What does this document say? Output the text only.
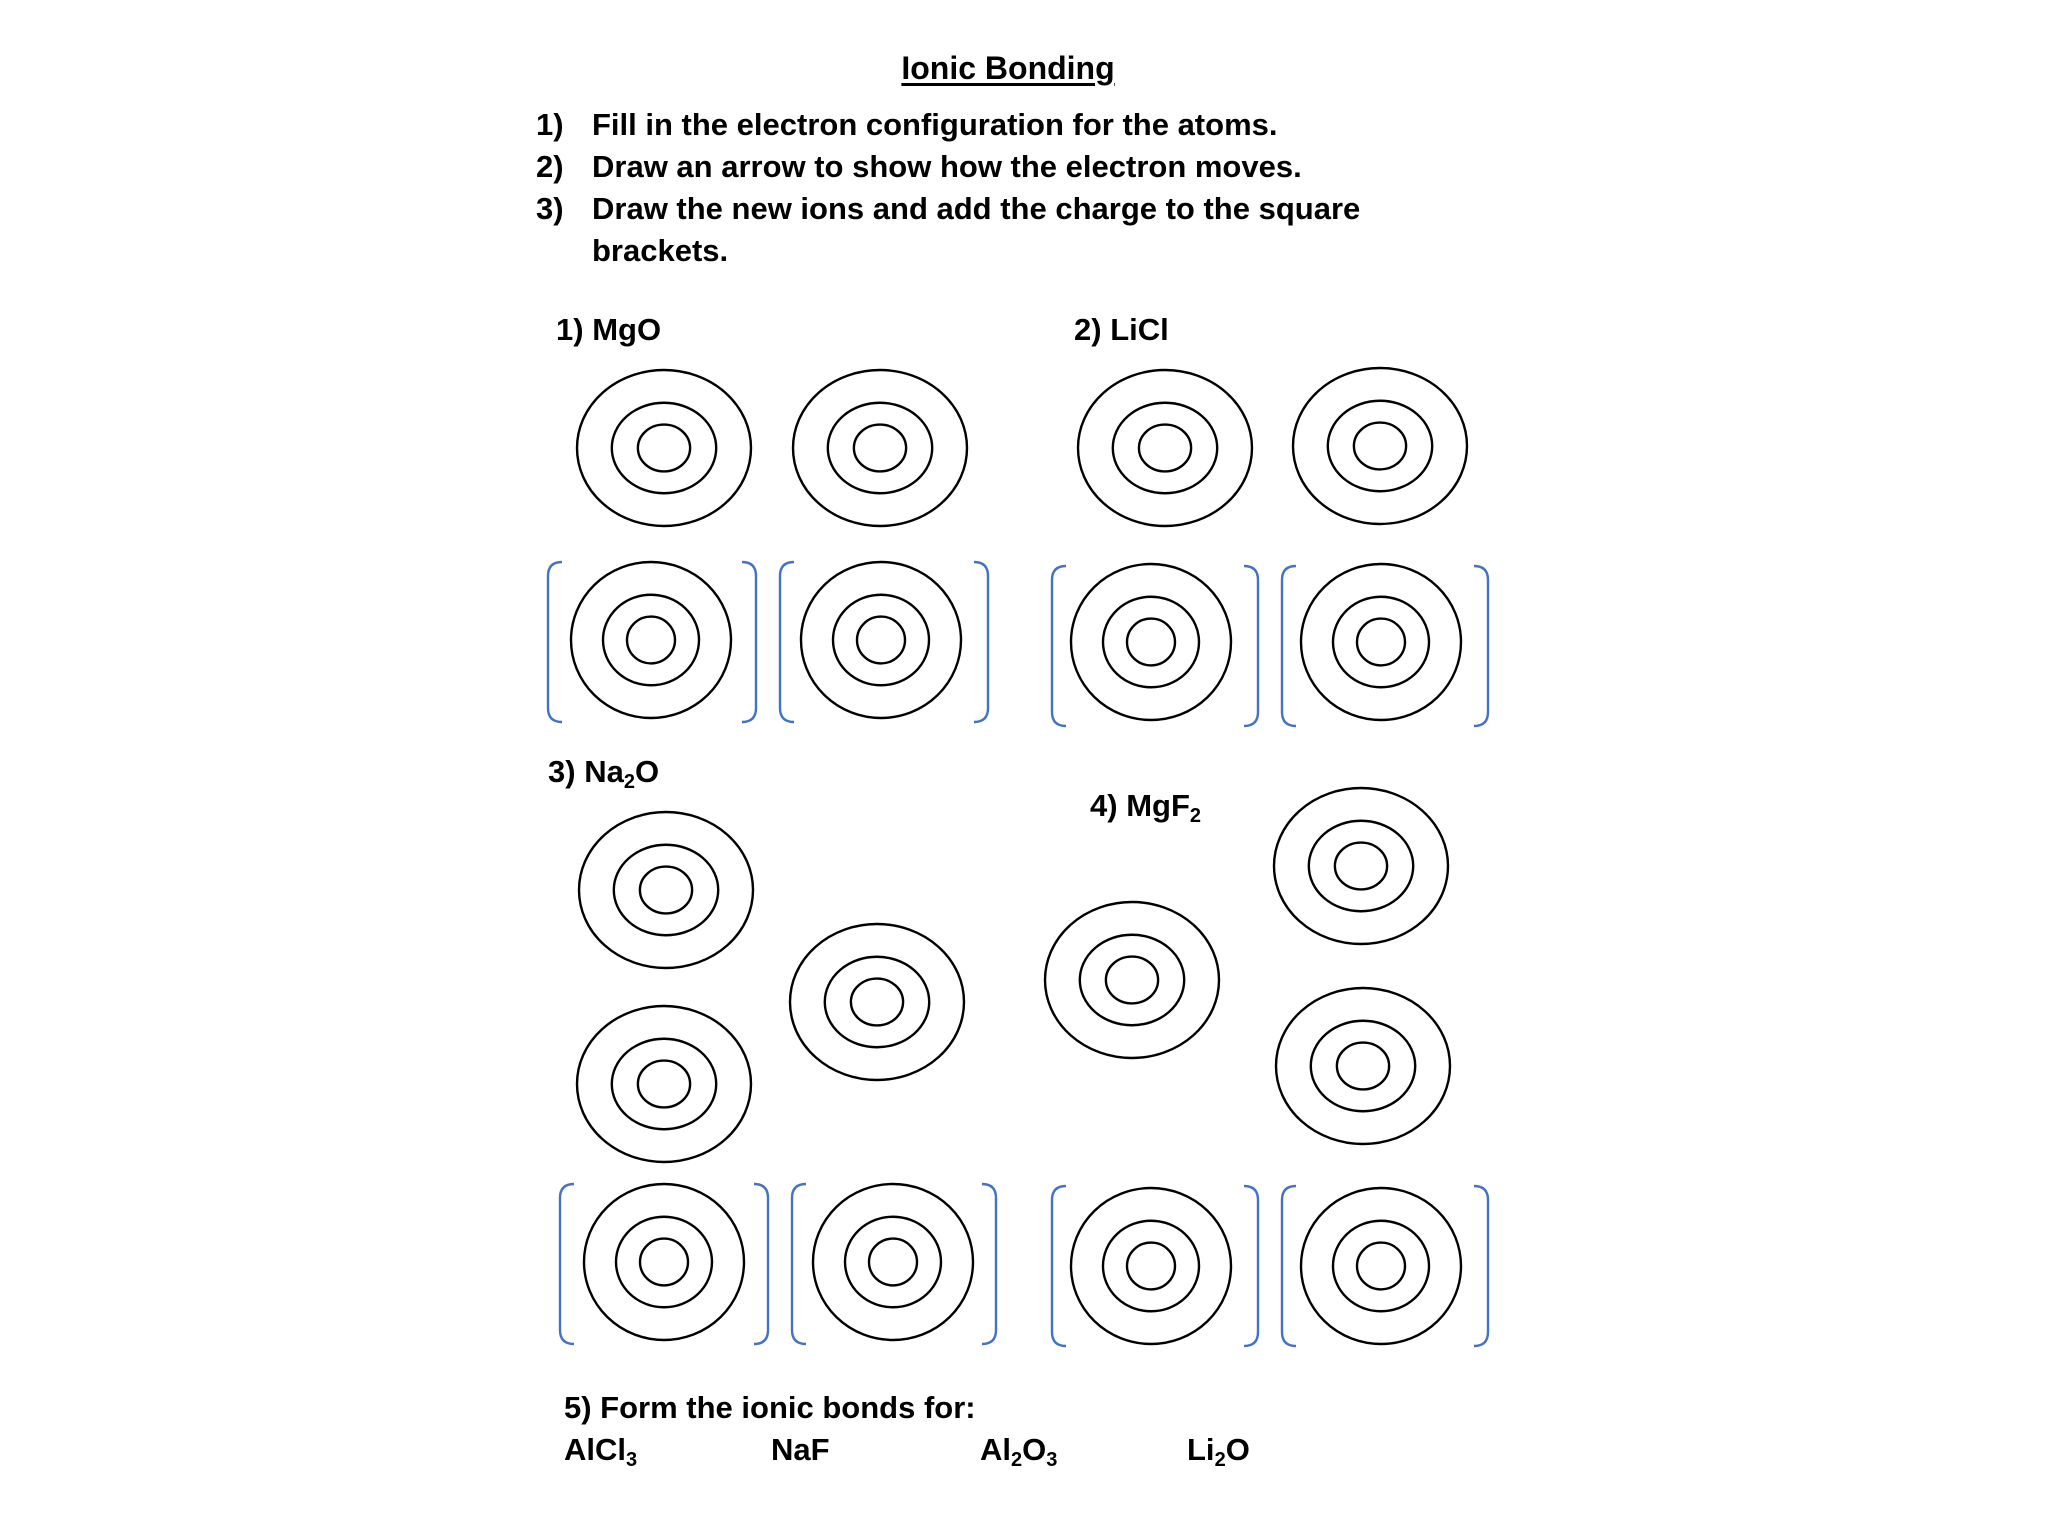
Ionic Bonding
1) Fill in the electron configuration for the atoms.
2) Draw an arrow to show how the electron moves.
3) Draw the new ions and add the charge to the square brackets.
1) MgO	2) LiCl
3) $Na_2O$
4) MgF$_2$
5) Form the ionic bonds for:
AlCl$_3$	NaF	$Al_2O_3$	$Li_2O$
